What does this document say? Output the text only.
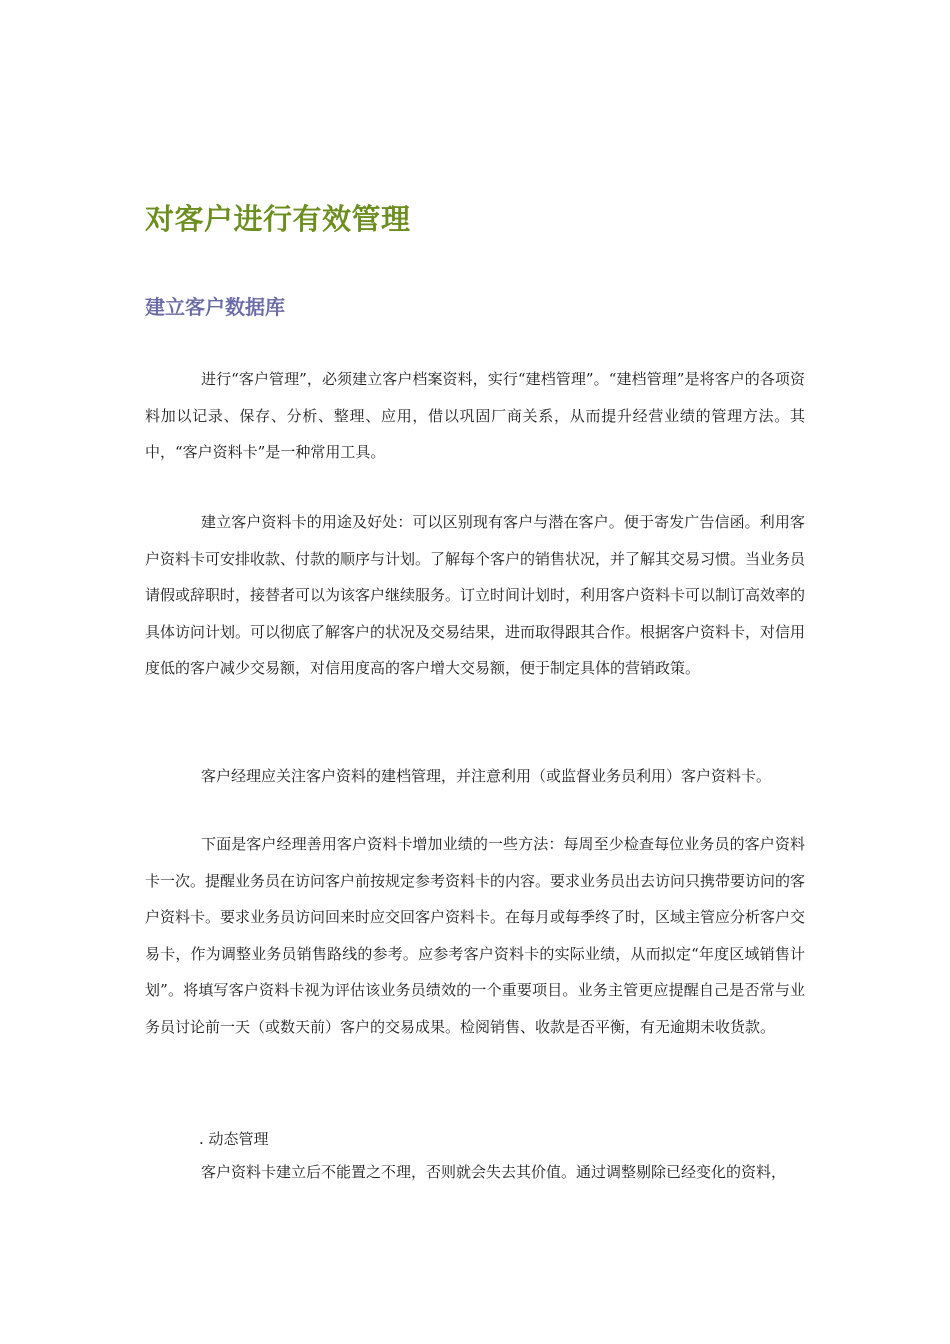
对客户进行有效管理
建立客户数据库

进行“客户管理”，必须建立客户档案资料，实行“建档管理”。“建档管理”是将客户的各项资料加以记录、保存、分析、整理、应用，借以巩固厂商关系，从而提升经营业绩的管理方法。其中，“客户资料卡”是一种常用工具。

建立客户资料卡的用途及好处：可以区别现有客户与潜在客户。便于寄发广告信函。利用客户资料卡可安排收款、付款的顺序与计划。了解每个客户的销售状况，并了解其交易习惯。当业务员请假或辞职时，接替者可以为该客户继续服务。订立时间计划时，利用客户资料卡可以制订高效率的具体访问计划。可以彻底了解客户的状况及交易结果，进而取得跟其合作。根据客户资料卡，对信用度低的客户减少交易额，对信用度高的客户增大交易额，便于制定具体的营销政策。

客户经理应关注客户资料的建档管理，并注意利用（或监督业务员利用）客户资料卡。

下面是客户经理善用客户资料卡增加业绩的一些方法：每周至少检查每位业务员的客户资料卡一次。提醒业务员在访问客户前按规定参考资料卡的内容。要求业务员出去访问只携带要访问的客户资料卡。要求业务员访问回来时应交回客户资料卡。在每月或每季终了时，区域主管应分析客户交易卡，作为调整业务员销售路线的参考。应参考客户资料卡的实际业绩，从而拟定“年度区域销售计划”。将填写客户资料卡视为评估该业务员绩效的一个重要项目。业务主管更应提醒自己是否常与业务员讨论前一天（或数天前）客户的交易成果。检阅销售、收款是否平衡，有无逾期未收货款。

. 动态管理

客户资料卡建立后不能置之不理，否则就会失去其价值。通过调整剔除已经变化的资料，
